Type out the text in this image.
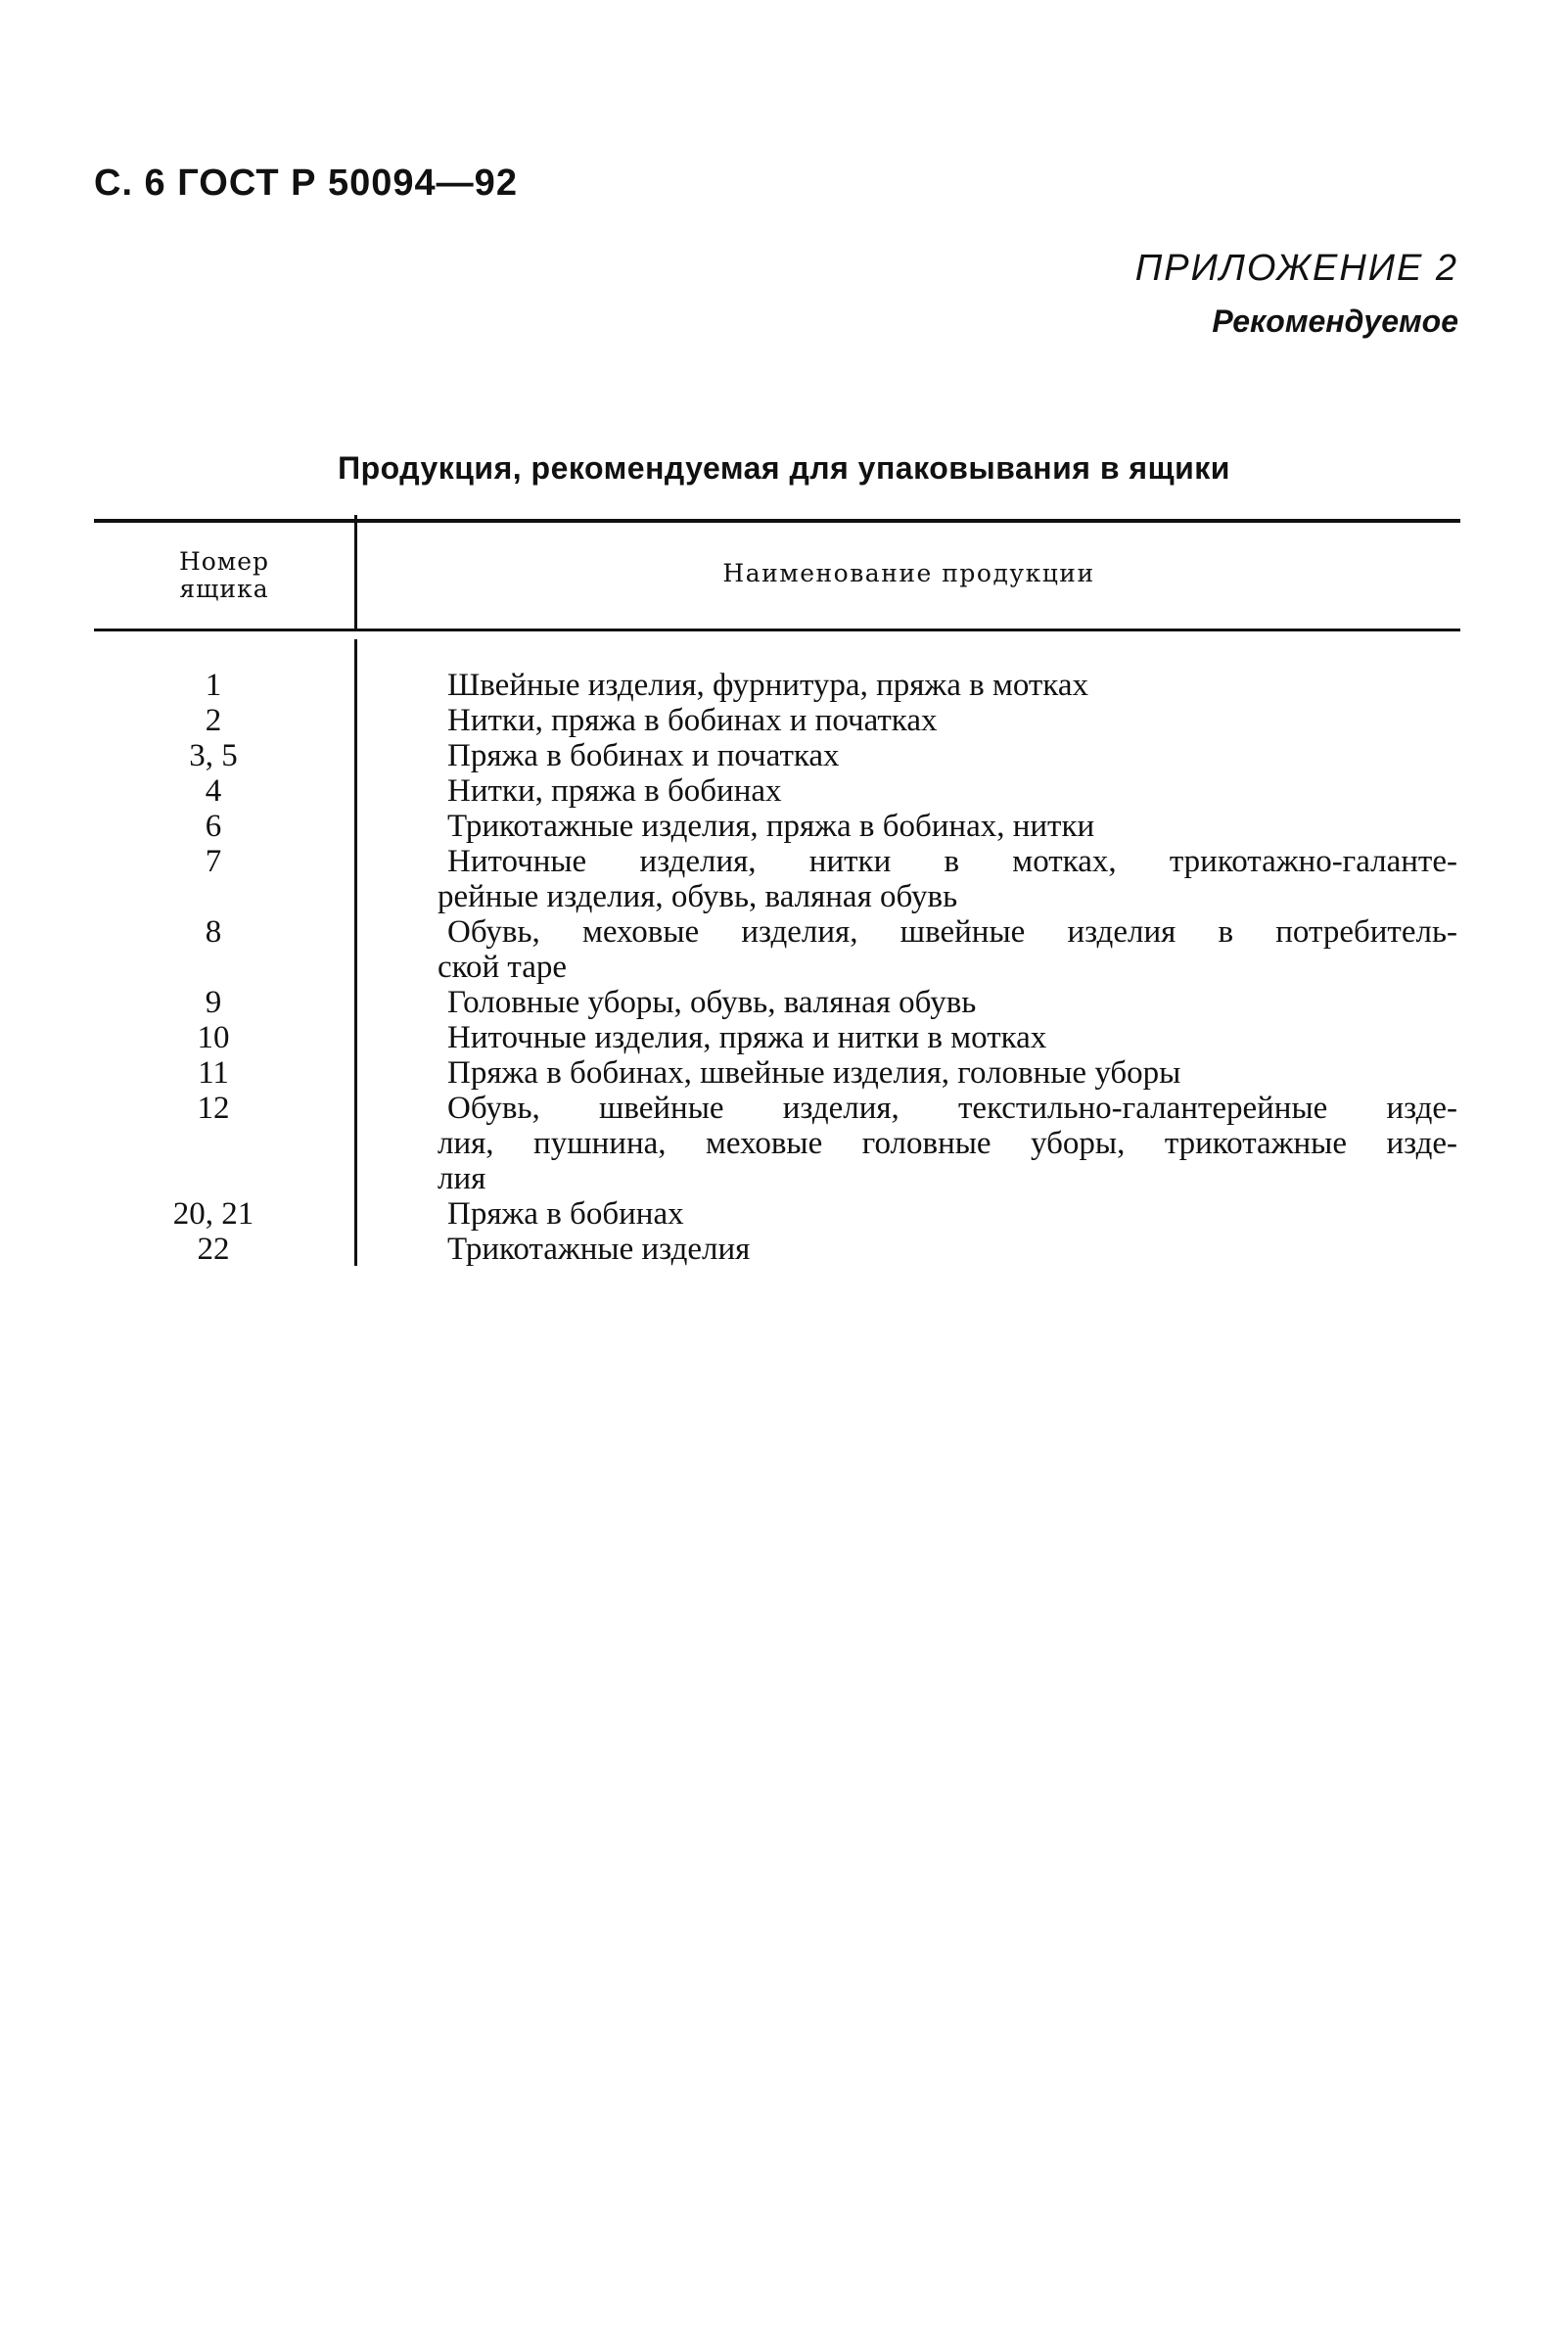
С. 6 ГОСТ Р 50094—92
ПРИЛОЖЕНИЕ 2
Рекомендуемое
Продукция, рекомендуемая для упаковывания в ящики
Номер
ящика
Наименование продукции
1	Швейные изделия, фурнитура, пряжа в мотках
2	Нитки, пряжа в бобинах и початках
3, 5	Пряжа в бобинах и початках
4	Нитки, пряжа в бобинах
6	Трикотажные изделия, пряжа в бобинах, нитки
7	Ниточные изделия, нитки в мотках, трикотажно-галанте-
рейные изделия, обувь, валяная обувь
8	Обувь, меховые изделия, швейные изделия в потребитель-
ской таре
9	Головные уборы, обувь, валяная обувь
10	Ниточные изделия, пряжа и нитки в мотках
11	Пряжа в бобинах, швейные изделия, головные уборы
12	Обувь, швейные изделия, текстильно-галантерейные изде-
лия, пушнина, меховые головные уборы, трикотажные изде-
лия
20, 21	Пряжа в бобинах
22	Трикотажные изделия
